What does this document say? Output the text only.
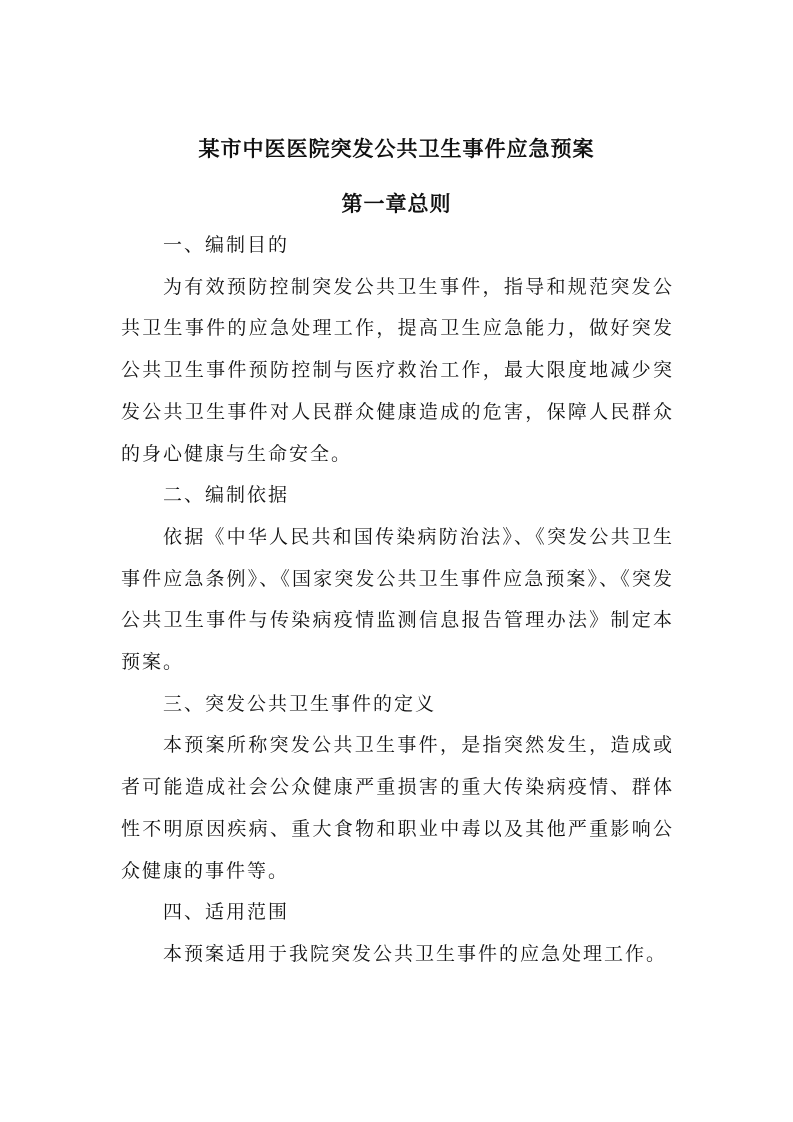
某市中医医院突发公共卫生事件应急预案
第一章总则

一、编制目的

为有效预防控制突发公共卫生事件，指导和规范突发公共卫生事件的应急处理工作，提高卫生应急能力，做好突发公共卫生事件预防控制与医疗救治工作，最大限度地减少突发公共卫生事件对人民群众健康造成的危害，保障人民群众的身心健康与生命安全。

二、编制依据

依据《中华人民共和国传染病防治法》、《突发公共卫生事件应急条例》、《国家突发公共卫生事件应急预案》、《突发公共卫生事件与传染病疫情监测信息报告管理办法》制定本预案。

三、突发公共卫生事件的定义

本预案所称突发公共卫生事件，是指突然发生，造成或者可能造成社会公众健康严重损害的重大传染病疫情、群体性不明原因疾病、重大食物和职业中毒以及其他严重影响公众健康的事件等。

四、适用范围

本预案适用于我院突发公共卫生事件的应急处理工作。
